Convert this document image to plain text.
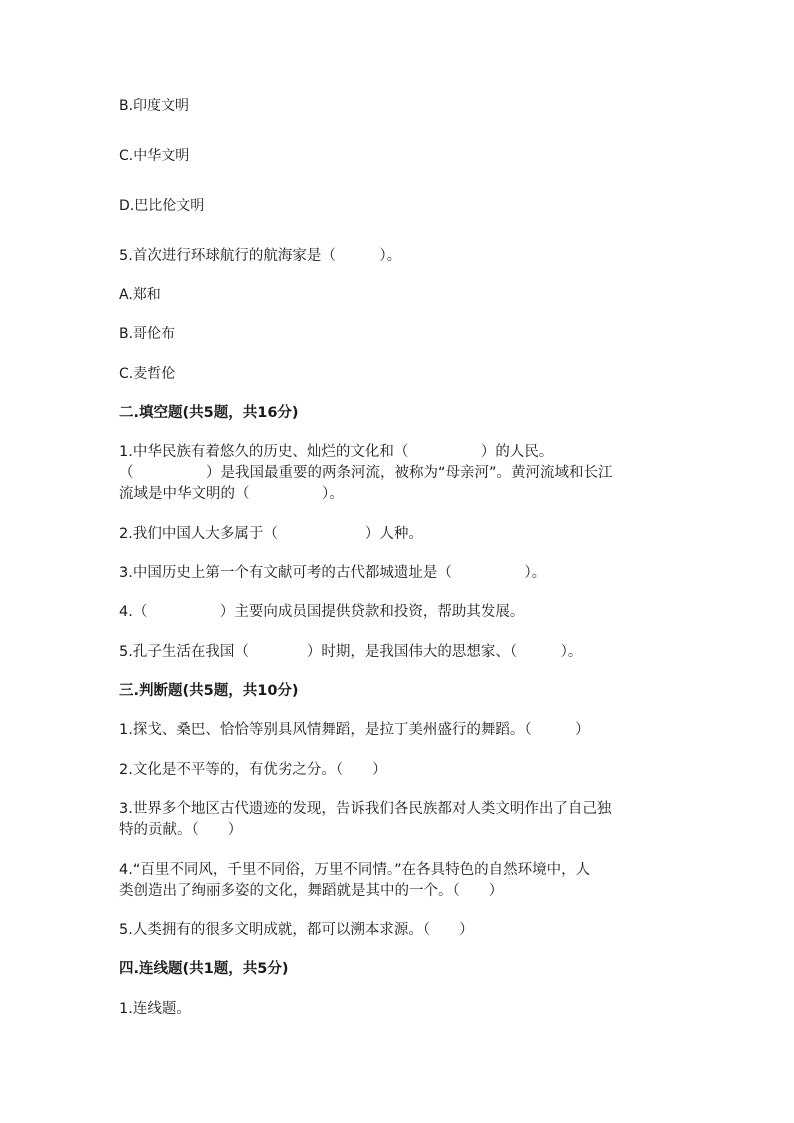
B.印度文明
C.中华文明
D.巴比伦文明
5.首次进行环球航行的航海家是（　　　）。
A.郑和
B.哥伦布
C.麦哲伦
二.填空题(共5题，共16分)
1.中华民族有着悠久的历史、灿烂的文化和（　　　　　）的人民。
（　　　　　）是我国最重要的两条河流，被称为“母亲河”。黄河流域和长江
流域是中华文明的（　　　　　）。
2.我们中国人大多属于（　　　　　　）人种。
3.中国历史上第一个有文献可考的古代都城遗址是（　　　　　）。
4.（　　　　　）主要向成员国提供贷款和投资，帮助其发展。
5.孔子生活在我国（　　　　）时期，是我国伟大的思想家、（　　　）。
三.判断题(共5题，共10分)
1.探戈、桑巴、恰恰等别具风情舞蹈，是拉丁美州盛行的舞蹈。（　　　）
2.文化是不平等的，有优劣之分。（　　）
3.世界多个地区古代遗迹的发现，告诉我们各民族都对人类文明作出了自己独
特的贡献。（　　）
4.“百里不同风，千里不同俗，万里不同情。”在各具特色的自然环境中，人
类创造出了绚丽多姿的文化，舞蹈就是其中的一个。（　　）
5.人类拥有的很多文明成就，都可以溯本求源。（　　）
四.连线题(共1题，共5分)
1.连线题。
